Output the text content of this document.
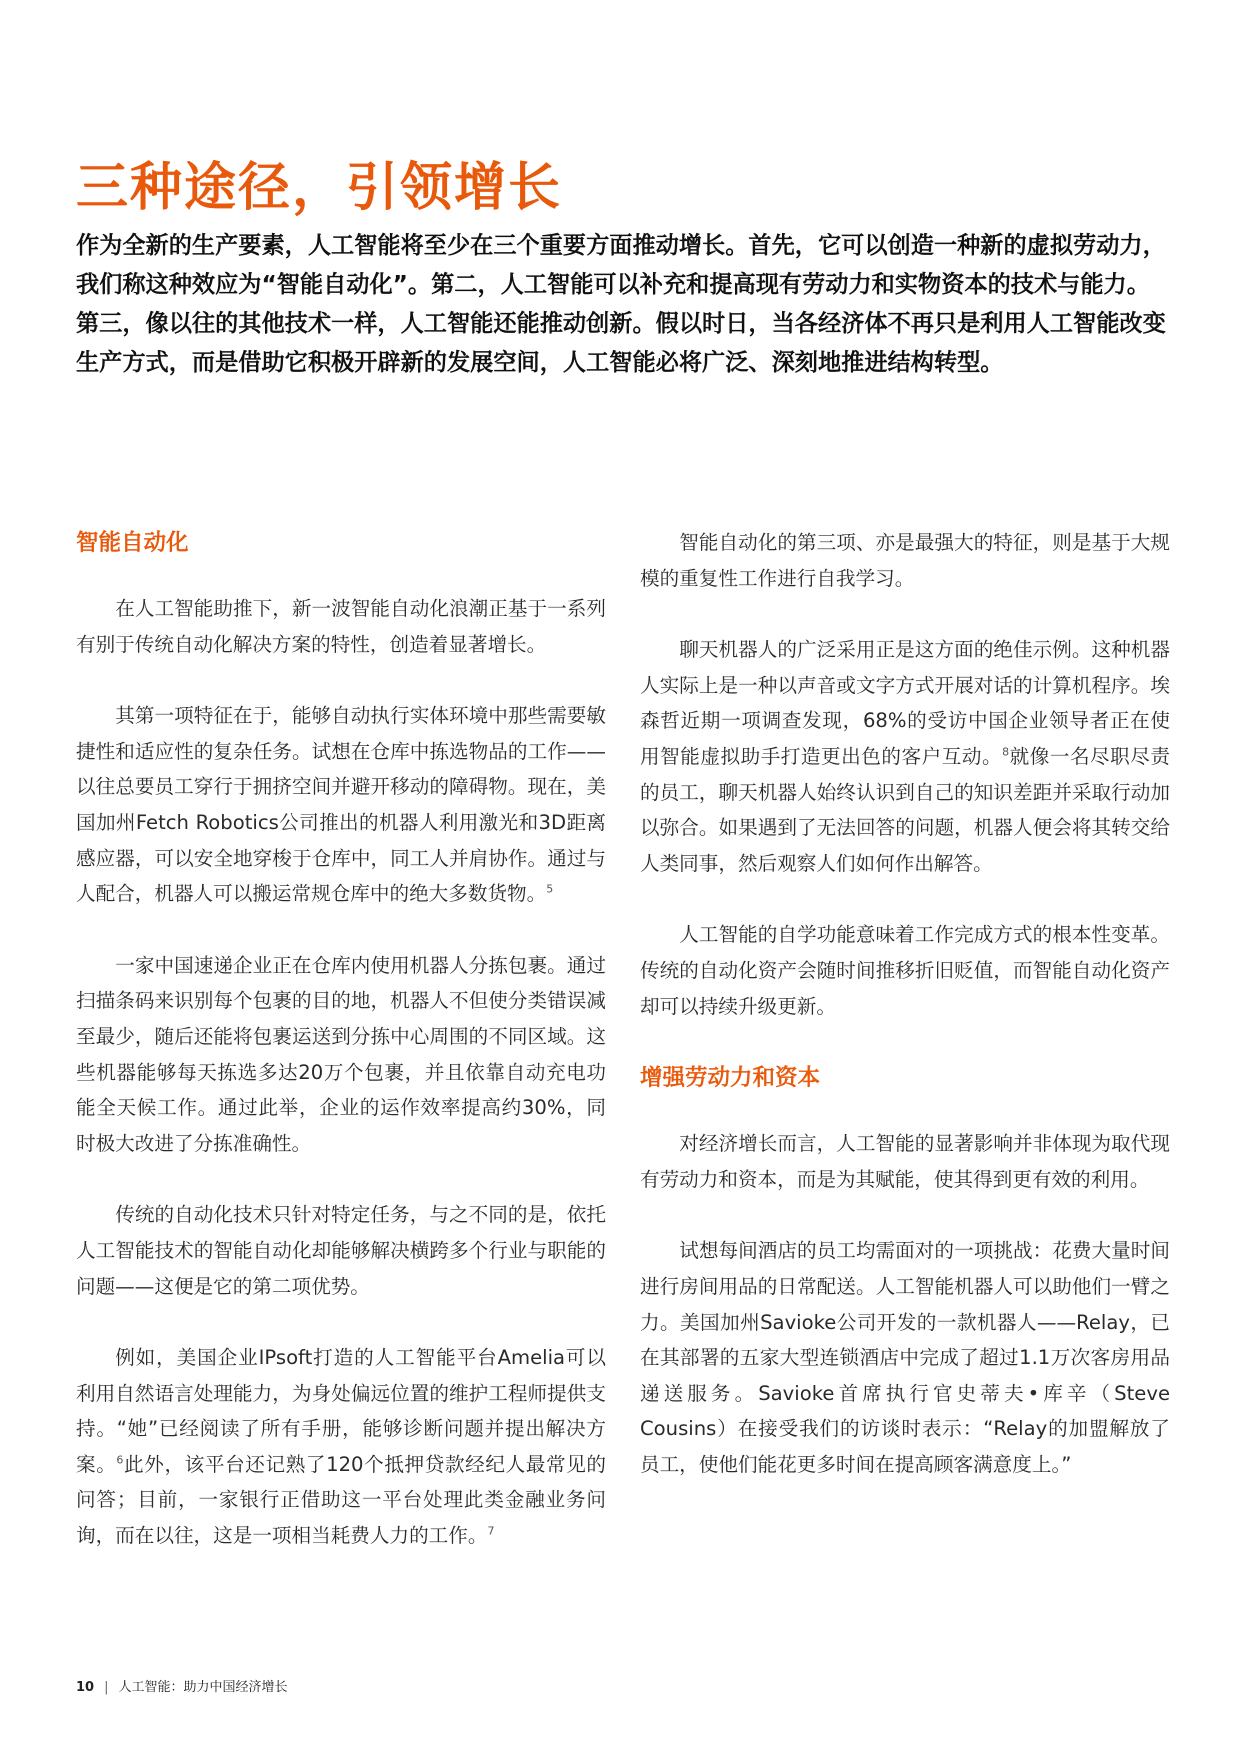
三种途径，引领增长

作为全新的生产要素，人工智能将至少在三个重要方面推动增长。首先，它可以创造一种新的虚拟劳动力，我们称这种效应为“智能自动化”。第二，人工智能可以补充和提高现有劳动力和实物资本的技术与能力。第三，像以往的其他技术一样，人工智能还能推动创新。假以时日，当各经济体不再只是利用人工智能改变生产方式，而是借助它积极开辟新的发展空间，人工智能必将广泛、深刻地推进结构转型。

智能自动化

在人工智能助推下，新一波智能自动化浪潮正基于一系列有别于传统自动化解决方案的特性，创造着显著增长。

其第一项特征在于，能够自动执行实体环境中那些需要敏捷性和适应性的复杂任务。试想在仓库中拣选物品的工作——以往总要员工穿行于拥挤空间并避开移动的障碍物。现在，美国加州Fetch Robotics公司推出的机器人利用激光和3D距离感应器，可以安全地穿梭于仓库中，同工人并肩协作。通过与人配合，机器人可以搬运常规仓库中的绝大多数货物。$^5$

一家中国速递企业正在仓库内使用机器人分拣包裹。通过扫描条码来识别每个包裹的目的地，机器人不但使分类错误减至最少，随后还能将包裹运送到分拣中心周围的不同区域。这些机器能够每天拣选多达20万个包裹，并且依靠自动充电功能全天候工作。通过此举，企业的运作效率提高约30%，同时极大改进了分拣准确性。

传统的自动化技术只针对特定任务，与之不同的是，依托人工智能技术的智能自动化却能够解决横跨多个行业与职能的问题——这便是它的第二项优势。

例如，美国企业IPsoft打造的人工智能平台Amelia可以利用自然语言处理能力，为身处偏远位置的维护工程师提供支持。“她”已经阅读了所有手册，能够诊断问题并提出解决方案。$^6$此外，该平台还记熟了120个抵押贷款经纪人最常见的问答；目前，一家银行正借助这一平台处理此类金融业务问询，而在以往，这是一项相当耗费人力的工作。$^7$

智能自动化的第三项、亦是最强大的特征，则是基于大规模的重复性工作进行自我学习。

聊天机器人的广泛采用正是这方面的绝佳示例。这种机器人实际上是一种以声音或文字方式开展对话的计算机程序。埃森哲近期一项调查发现，68%的受访中国企业领导者正在使用智能虚拟助手打造更出色的客户互动。$^8$就像一名尽职尽责的员工，聊天机器人始终认识到自己的知识差距并采取行动加以弥合。如果遇到了无法回答的问题，机器人便会将其转交给人类同事，然后观察人们如何作出解答。

人工智能的自学功能意味着工作完成方式的根本性变革。传统的自动化资产会随时间推移折旧贬值，而智能自动化资产却可以持续升级更新。

增强劳动力和资本

对经济增长而言，人工智能的显著影响并非体现为取代现有劳动力和资本，而是为其赋能，使其得到更有效的利用。

试想每间酒店的员工均需面对的一项挑战：花费大量时间进行房间用品的日常配送。人工智能机器人可以助他们一臂之力。美国加州Savioke公司开发的一款机器人——Relay，已在其部署的五家大型连锁酒店中完成了超过1.1万次客房用品递送服务。Savioke首席执行官史蒂夫•库辛（Steve Cousins）在接受我们的访谈时表示：“Relay的加盟解放了员工，使他们能花更多时间在提高顾客满意度上。”

10 | 人工智能：助力中国经济增长
